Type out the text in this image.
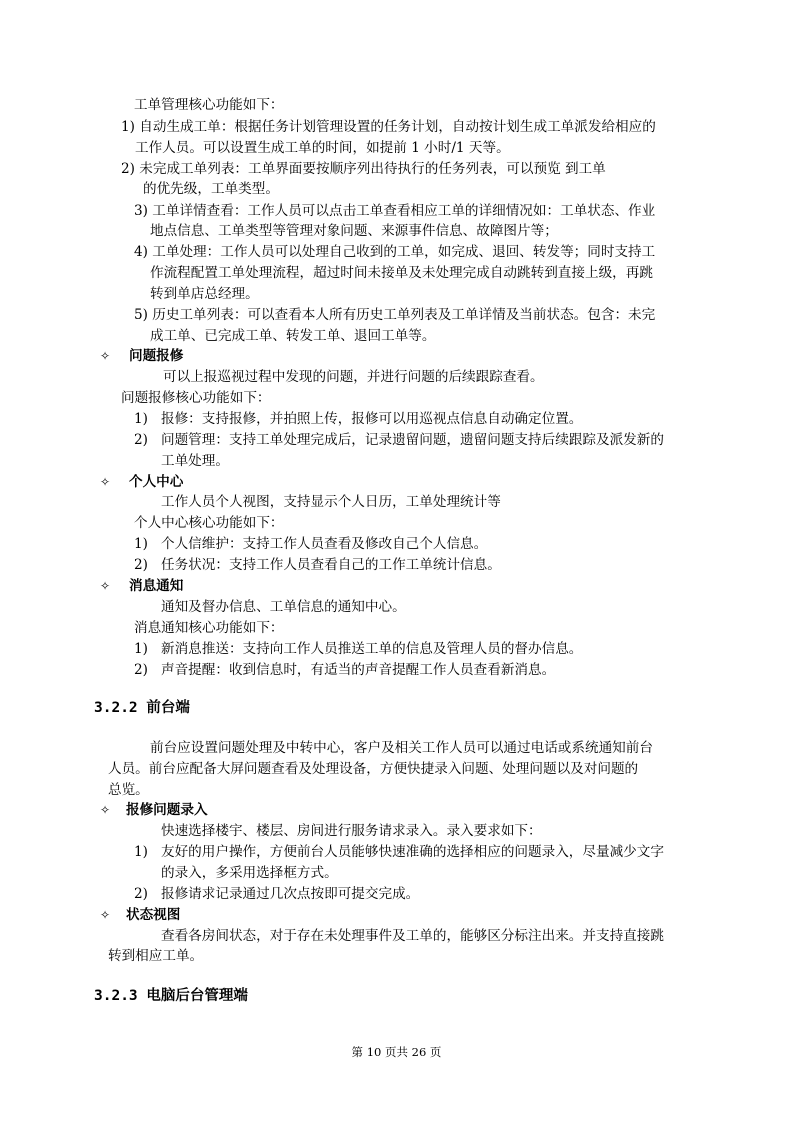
工单管理核心功能如下：
1) 自动生成工单：根据任务计划管理设置的任务计划，自动按计划生成工单派发给相应的
工作人员。可以设置生成工单的时间，如提前 1 小时/1 天等。
2) 未完成工单列表：工单界面要按顺序列出待执行的任务列表，可以预览 到工单
的优先级，工单类型。
3) 工单详情查看：工作人员可以点击工单查看相应工单的详细情况如：工单状态、作业
地点信息、工单类型等管理对象问题、来源事件信息、故障图片等；
4) 工单处理：工作人员可以处理自己收到的工单，如完成、退回、转发等；同时支持工
作流程配置工单处理流程，超过时间未接单及未处理完成自动跳转到直接上级，再跳
转到单店总经理。
5) 历史工单列表：可以查看本人所有历史工单列表及工单详情及当前状态。包含：未完
成工单、已完成工单、转发工单、退回工单等。
✧ 问题报修
可以上报巡视过程中发现的问题，并进行问题的后续跟踪查看。
问题报修核心功能如下：
1) 报修：支持报修，并拍照上传，报修可以用巡视点信息自动确定位置。
2) 问题管理：支持工单处理完成后，记录遗留问题，遗留问题支持后续跟踪及派发新的
工单处理。
✧ 个人中心
工作人员个人视图，支持显示个人日历，工单处理统计等
个人中心核心功能如下：
1) 个人信维护：支持工作人员查看及修改自己个人信息。
2) 任务状况：支持工作人员查看自己的工作工单统计信息。
✧ 消息通知
通知及督办信息、工单信息的通知中心。
消息通知核心功能如下：
1) 新消息推送：支持向工作人员推送工单的信息及管理人员的督办信息。
2) 声音提醒：收到信息时，有适当的声音提醒工作人员查看新消息。
3.2.2 前台端
前台应设置问题处理及中转中心，客户及相关工作人员可以通过电话或系统通知前台
人员。前台应配备大屏问题查看及处理设备，方便快捷录入问题、处理问题以及对问题的
总览。
✧ 报修问题录入
快速选择楼宇、楼层、房间进行服务请求录入。录入要求如下：
1) 友好的用户操作，方便前台人员能够快速准确的选择相应的问题录入，尽量减少文字
的录入，多采用选择框方式。
2) 报修请求记录通过几次点按即可提交完成。
✧ 状态视图
查看各房间状态，对于存在未处理事件及工单的，能够区分标注出来。并支持直接跳
转到相应工单。
3.2.3 电脑后台管理端
第 10 页共 26 页
